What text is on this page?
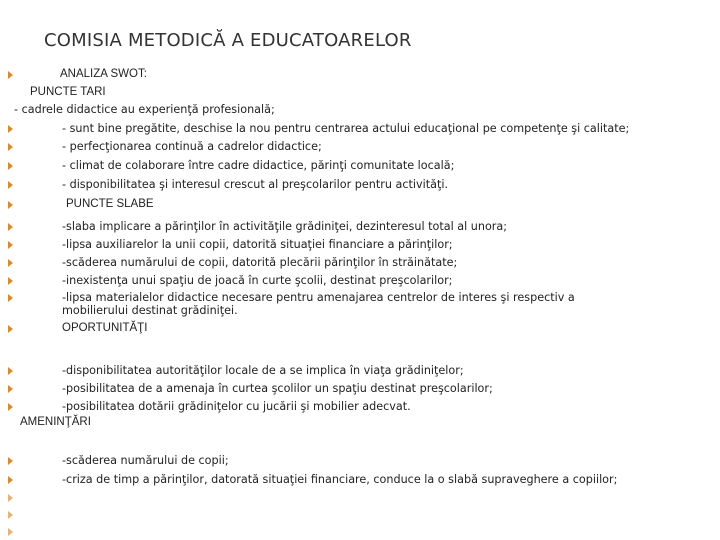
COMISIA METODICĂ A EDUCATOARELOR
ANALIZA SWOT:
PUNCTE TARI
- cadrele didactice au experienţă profesională;
- sunt bine pregătite, deschise la nou pentru centrarea actului educaţional pe competenţe şi calitate;
- perfecţionarea continuă a cadrelor didactice;
- climat de colaborare între cadre didactice, părinţi comunitate locală;
- disponibilitatea şi interesul crescut al preşcolarilor pentru activităţi.
PUNCTE SLABE
-slaba implicare a părinţilor în activităţile grădiniţei, dezinteresul total al unora;
-lipsa auxiliarelor la unii copii, datorită situaţiei financiare a părinţilor;
-scăderea numărului de copii, datorită plecării părinţilor în străinătate;
-inexistenţa unui spaţiu de joacă în curte şcolii, destinat preşcolarilor;
-lipsa materialelor didactice necesare pentru amenajarea centrelor de interes şi respectiv a mobilierului destinat grădiniţei.
OPORTUNITĂŢI
-disponibilitatea autorităţilor locale de a se implica în viaţa grădiniţelor;
-posibilitatea de a amenaja în curtea şcolilor un spaţiu destinat preşcolarilor;
-posibilitatea dotării grădiniţelor cu jucării şi mobilier adecvat.
AMENINŢĂRI
-scăderea numărului de copii;
-criza de timp a părinţilor, datorată situaţiei financiare, conduce la o slabă supraveghere a copiilor;
